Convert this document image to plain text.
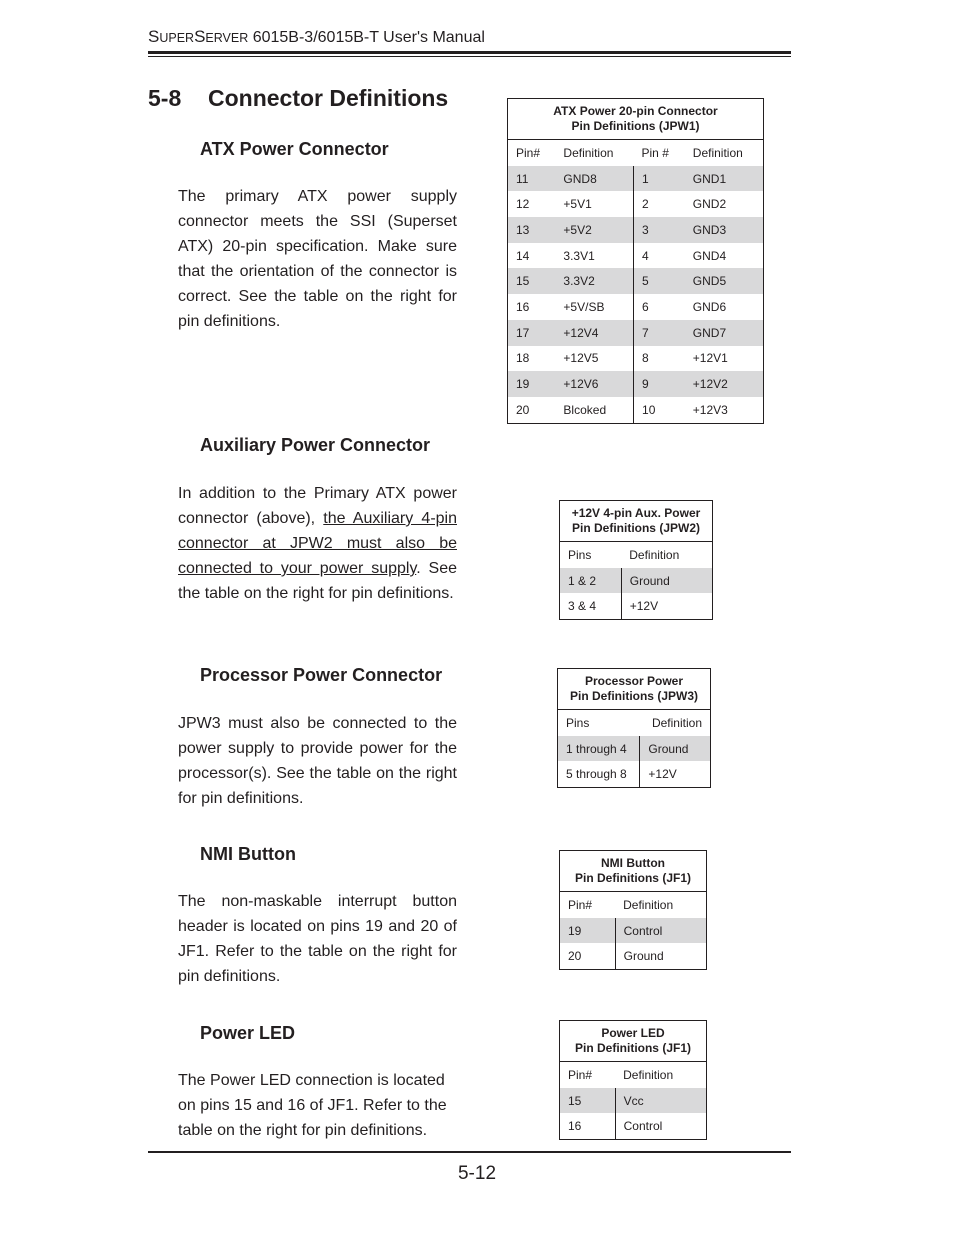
SUPERSERVER 6015B-3/6015B-T User's Manual
5-8 Connector Definitions
ATX Power Connector

The primary ATX power supply connector meets the SSI (Superset ATX) 20-pin specification. Make sure that the orientation of the connector is correct. See the table on the right for pin definitions.

ATX Power 20-pin Connector
Pin Definitions (JPW1)			

Pin#	Definition	Pin #	Definition
11	GND8	1	GND1
12	+5V1	2	GND2
13	+5V2	3	GND3
14	3.3V1	4	GND4
15	3.3V2	5	GND5
16	+5V/SB	6	GND6
17	+12V4	7	GND7
18	+12V5	8	+12V1
19	+12V6	9	+12V2
20	Blcoked	10	+12V3
Auxiliary Power Connector

In addition to the Primary ATX power connector (above), the Auxiliary 4-pin connector at JPW2 must also be connected to your power supply. See the table on the right for pin definitions.

+12V 4-pin Aux. Power
Pin Definitions (JPW2)	

Pins	Definition
1 & 2	Ground
3 & 4	+12V
Processor Power Connector

JPW3 must also be connected to the power supply to provide power for the processor(s). See the table on the right for pin definitions.

Processor Power
Pin Definitions (JPW3)	

Pins	Definition
1 through 4	Ground
5 through 8	+12V
NMI Button

The non-maskable interrupt button header is located on pins 19 and 20 of JF1. Refer to the table on the right for pin definitions.

NMI Button
Pin Definitions (JF1)	

Pin#	Definition
19	Control
20	Ground
Power LED

The Power LED connection is located on pins 15 and 16 of JF1. Refer to the table on the right for pin definitions.

Power LED
Pin Definitions (JF1)	

Pin#	Definition
15	Vcc
16	Control
5-12
